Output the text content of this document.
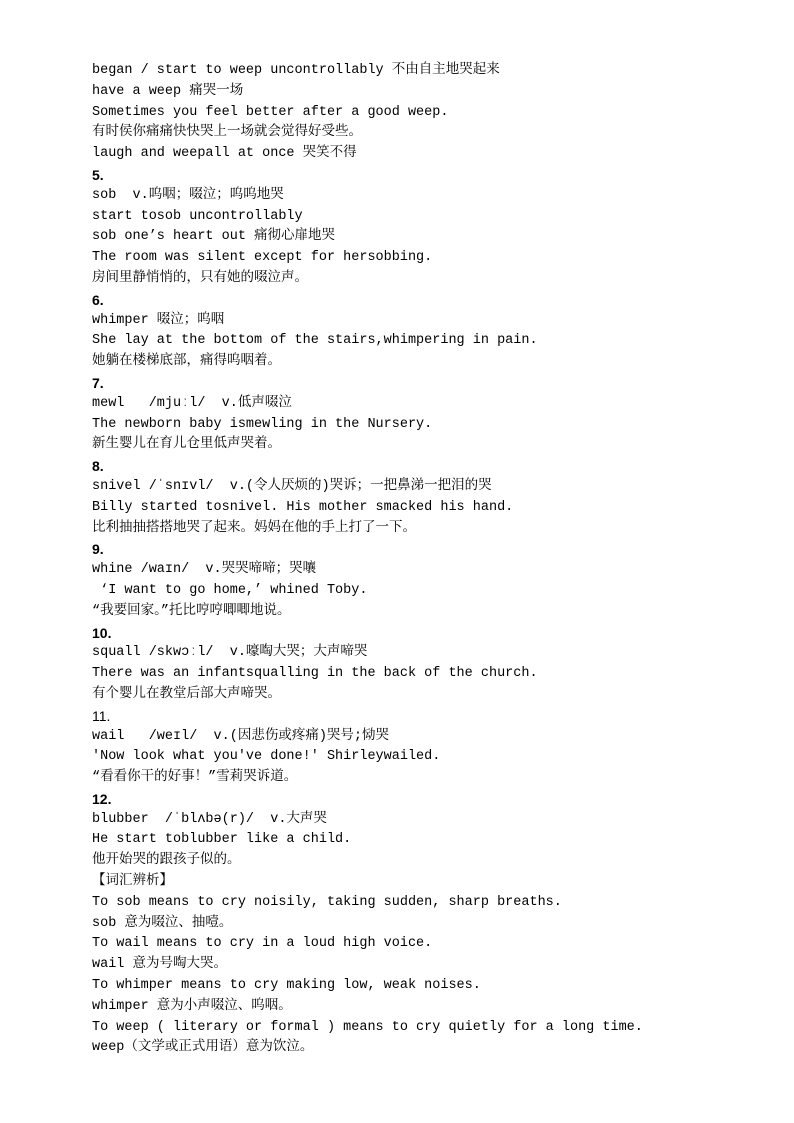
began / start to weep uncontrollably 不由自主地哭起来
have a weep 痛哭一场
Sometimes you feel better after a good weep.
有时侯你痛痛快快哭上一场就会觉得好受些。
laugh and weepall at once 哭笑不得
5.
sob  v.呜咽；啜泣；呜呜地哭
start tosob uncontrollably
sob one’s heart out 痛彻心扉地哭
The room was silent except for hersobbing.
房间里静悄悄的，只有她的啜泣声。
6.
whimper 啜泣；呜咽
She lay at the bottom of the stairs,whimpering in pain.
她躺在楼梯底部，痛得呜咽着。
7.
mewl   /mjuːl/  v.低声啜泣
The newborn baby ismewling in the Nursery.
新生婴儿在育儿仓里低声哭着。
8.
snivel /ˈsnɪvl/  v.(令人厌烦的)哭诉；一把鼻涕一把泪的哭
Billy started tosnivel. His mother smacked his hand.
比利抽抽搭搭地哭了起来。妈妈在他的手上打了一下。
9.
whine /waɪn/  v.哭哭啼啼；哭嚷
‘I want to go home,’ whined Toby.
“我要回家。”托比哼哼唧唧地说。
10.
squall /skwɔːl/  v.嚎啕大哭；大声啼哭
There was an infantsqualling in the back of the church.
有个婴儿在教堂后部大声啼哭。
11.
wail   /weɪl/  v.(因悲伤或疼痛)哭号;恸哭
'Now look what you've done!' Shirleywailed.
“看看你干的好事！”雪莉哭诉道。
12.
blubber  /ˈblʌbə(r)/  v.大声哭
He start toblubber like a child.
他开始哭的跟孩子似的。
【词汇辨析】
To sob means to cry noisily, taking sudden, sharp breaths.
sob 意为啜泣、抽噎。
To wail means to cry in a loud high voice.
wail 意为号啕大哭。
To whimper means to cry making low, weak noises.
whimper 意为小声啜泣、呜咽。
To weep ( literary or formal ) means to cry quietly for a long time.
weep（文学或正式用语）意为饮泣。
